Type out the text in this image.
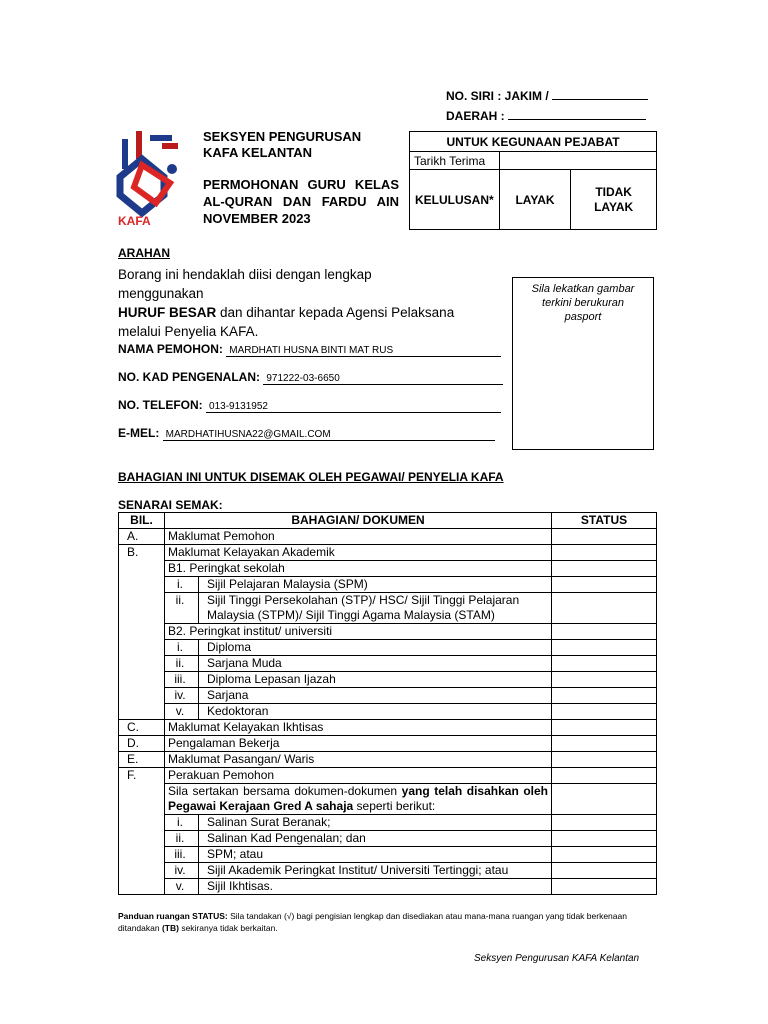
NO. SIRI : JAKIM /
DAERAH :
KAFA
SEKSYEN PENGURUSAN
KAFA KELANTAN
PERMOHONAN GURU KELAS
AL-QURAN DAN FARDU AIN
NOVEMBER 2023
UNTUK KEGUNAAN PEJABAT		
Tarikh Terima		
KELULUSAN*	LAYAK	TIDAK
LAYAK
ARAHAN
Borang ini hendaklah diisi dengan lengkap menggunakan
HURUF BESAR dan dihantar kepada Agensi Pelaksana
melalui Penyelia KAFA.
Sila lekatkan gambar
terkini berukuran
pasport
NAMA PEMOHON: MARDHATI HUSNA BINTI MAT RUS
NO. KAD PENGENALAN: 971222-03-6650
NO. TELEFON: 013-9131952
E-MEL: MARDHATIHUSNA22@GMAIL.COM
BAHAGIAN INI UNTUK DISEMAK OLEH PEGAWAI/ PENYELIA KAFA
SENARAI SEMAK:
BIL.	BAHAGIAN/ DOKUMEN		STATUS
A.	Maklumat Pemohon		
B.	Maklumat Kelayakan Akademik		
	B1. Peringkat sekolah		
	i.	Sijil Pelajaran Malaysia (SPM)	
	ii.	Sijil Tinggi Persekolahan (STP)/ HSC/ Sijil Tinggi Pelajaran
Malaysia (STPM)/ Sijil Tinggi Agama Malaysia (STAM)	

	B2. Peringkat institut/ universiti		
	i.	Diploma	
	ii.	Sarjana Muda	
	iii.	Diploma Lepasan Ijazah	
	iv.	Sarjana	
	v.	Kedoktoran	
C.	Maklumat Kelayakan Ikhtisas		
D.	Pengalaman Bekerja		
E.	Maklumat Pasangan/ Waris		
F.	Perakuan Pemohon		

	Sila sertakan bersama dokumen-dokumen yang telah disahkan oleh
Pegawai Kerajaan Gred A sahaja seperti berikut:		

	i.	Salinan Surat Beranak;	
	ii.	Salinan Kad Pengenalan; dan	
	iii.	SPM; atau	
	iv.	Sijil Akademik Peringkat Institut/ Universiti Tertinggi; atau	
	v.	Sijil Ikhtisas.	
Panduan ruangan STATUS: Sila tandakan (√) bagi pengisian lengkap dan disediakan atau mana-mana ruangan yang tidak berkenaan ditandakan (TB) sekiranya tidak berkaitan.
Seksyen Pengurusan KAFA Kelantan
